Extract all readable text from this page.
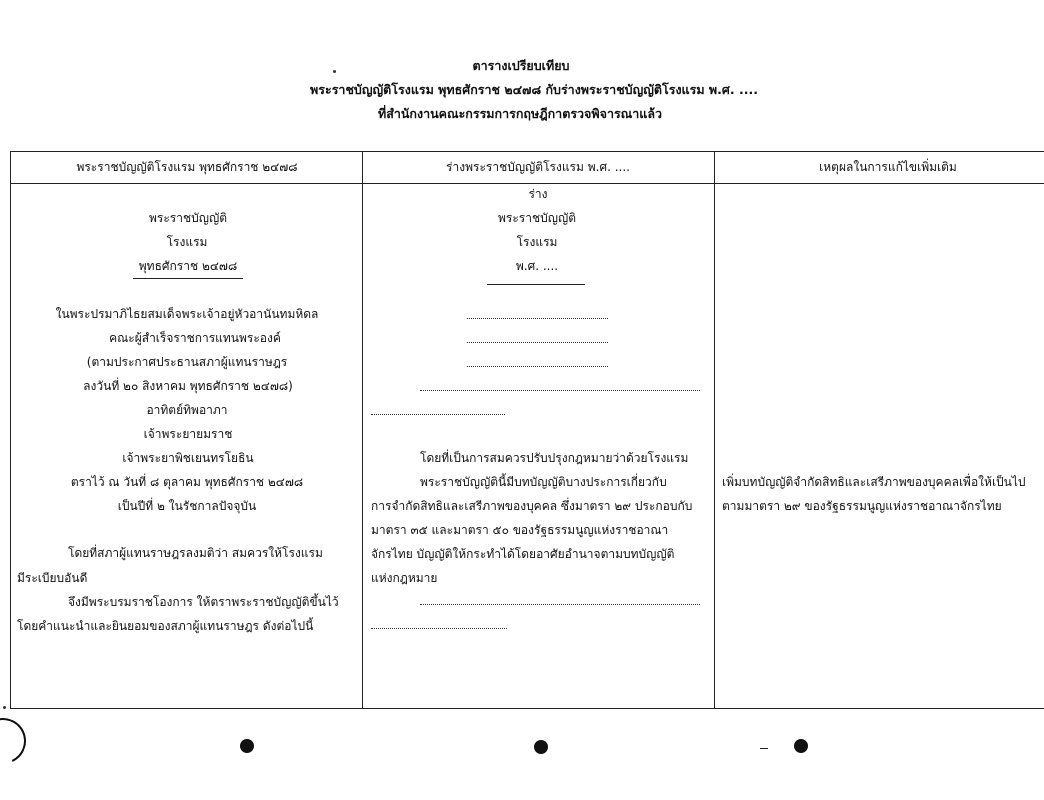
ตารางเปรียบเทียบ
พระราชบัญญัติโรงแรม พุทธศักราช ๒๔๗๘ กับร่างพระราชบัญญัติโรงแรม พ.ศ. ....
ที่สำนักงานคณะกรรมการกฤษฎีกาตรวจพิจารณาแล้ว
พระราชบัญญัติโรงแรม พุทธศักราช ๒๔๗๘	ร่างพระราชบัญญัติโรงแรม พ.ศ. ....	เหตุผลในการแก้ไขเพิ่มเติม
พระราชบัญญัติ
โรงแรม
พุทธศักราช ๒๔๗๘
ในพระปรมาภิไธยสมเด็จพระเจ้าอยู่หัวอานันทมหิดล
คณะผู้สำเร็จราชการแทนพระองค์
(ตามประกาศประธานสภาผู้แทนราษฎร
ลงวันที่ ๒๐ สิงหาคม พุทธศักราช ๒๔๗๘)
อาทิตย์ทิพอาภา
เจ้าพระยายมราช
เจ้าพระยาพิชเยนทรโยธิน
ตราไว้ ณ วันที่ ๘ ตุลาคม พุทธศักราช ๒๔๗๘
เป็นปีที่ ๒ ในรัชกาลปัจจุบัน
โดยที่สภาผู้แทนราษฎรลงมติว่า สมควรให้โรงแรม
มีระเบียบอันดี
จึงมีพระบรมราชโองการ ให้ตราพระราชบัญญัติขึ้นไว้
โดยคำแนะนำและยินยอมของสภาผู้แทนราษฎร ดังต่อไปนี้
ร่าง
พระราชบัญญัติ
โรงแรม
พ.ศ. ....
โดยที่เป็นการสมควรปรับปรุงกฎหมายว่าด้วยโรงแรม
พระราชบัญญัตินี้มีบทบัญญัติบางประการเกี่ยวกับ
การจำกัดสิทธิและเสรีภาพของบุคคล ซึ่งมาตรา ๒๙ ประกอบกับ
มาตรา ๓๕ และมาตรา ๕๐ ของรัฐธรรมนูญแห่งราชอาณา
จักรไทย บัญญัติให้กระทำได้โดยอาศัยอำนาจตามบทบัญญัติ
แห่งกฎหมาย
เพิ่มบทบัญญัติจำกัดสิทธิและเสรีภาพของบุคคลเพื่อให้เป็นไป
ตามมาตรา ๒๙ ของรัฐธรรมนูญแห่งราชอาณาจักรไทย
